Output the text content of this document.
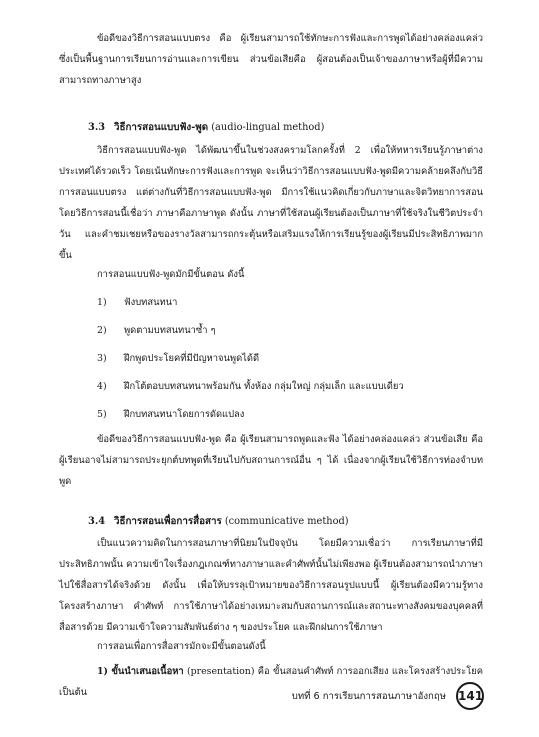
ข้อดีของวิธีการสอนแบบตรง คือ ผู้เรียนสามารถใช้ทักษะการฟังและการพูดได้อย่างคล่องแคล่ว ซึ่งเป็นพื้นฐานการเรียนการอ่านและการเขียน ส่วนข้อเสียคือ ผู้สอนต้องเป็นเจ้าของภาษาหรือผู้ที่มีความสามารถทางภาษาสูง

3.3 วิธีการสอนแบบฟัง-พูด (audio-lingual method)

วิธีการสอนแบบฟัง-พูด ได้พัฒนาขึ้นในช่วงสงครามโลกครั้งที่ 2 เพื่อให้ทหารเรียนรู้ภาษาต่างประเทศได้รวดเร็ว โดยเน้นทักษะการฟังและการพูด จะเห็นว่าวิธีการสอนแบบฟัง-พูดมีความคล้ายคลึงกับวิธีการสอนแบบตรง แต่ต่างกันที่วิธีการสอนแบบฟัง-พูด มีการใช้แนวคิดเกี่ยวกับภาษาและจิตวิทยาการสอน โดยวิธีการสอนนี้เชื่อว่า ภาษาคือภาษาพูด ดังนั้น ภาษาที่ใช้สอนผู้เรียนต้องเป็นภาษาที่ใช้จริงในชีวิตประจำวัน และคำชมเชยหรือของรางวัลสามารถกระตุ้นหรือเสริมแรงให้การเรียนรู้ของผู้เรียนมีประสิทธิภาพมากขึ้น

การสอนแบบฟัง-พูดมักมีขั้นตอน ดังนี้

1) ฟังบทสนทนา

2) พูดตามบทสนทนาซ้ำ ๆ

3) ฝึกพูดประโยคที่มีปัญหาจนพูดได้ดี

4) ฝึกโต้ตอบบทสนทนาพร้อมกัน ทั้งห้อง กลุ่มใหญ่ กลุ่มเล็ก และแบบเดี่ยว

5) ฝึกบทสนทนาโดยการดัดแปลง

ข้อดีของวิธีการสอนแบบฟัง-พูด คือ ผู้เรียนสามารถพูดและฟัง ได้อย่างคล่องแคล่ว ส่วนข้อเสีย คือ ผู้เรียนอาจไม่สามารถประยุกต์บทพูดที่เรียนไปกับสถานการณ์อื่น ๆ ได้ เนื่องจากผู้เรียนใช้วิธีการท่องจำบทพูด

3.4 วิธีการสอนเพื่อการสื่อสาร (communicative method)

เป็นแนวความคิดในการสอนภาษาที่นิยมในปัจจุบัน โดยมีความเชื่อว่า การเรียนภาษาที่มีประสิทธิภาพนั้น ความเข้าใจเรื่องกฎเกณฑ์ทางภาษาและคำศัพท์นั้นไม่เพียงพอ ผู้เรียนต้องสามารถนำภาษาไปใช้สื่อสารได้จริงด้วย ดังนั้น เพื่อให้บรรลุเป้าหมายของวิธีการสอนรูปแบบนี้ ผู้เรียนต้องมีความรู้ทางโครงสร้างภาษา คำศัพท์ การใช้ภาษาได้อย่างเหมาะสมกับสถานการณ์และสถานะทางสังคมของบุคคลที่สื่อสารด้วย มีความเข้าใจความสัมพันธ์ต่าง ๆ ของประโยค และฝึกฝนการใช้ภาษา

การสอนเพื่อการสื่อสารมักจะมีขั้นตอนดังนี้

1) ขั้นนำเสนอเนื้อหา (presentation) คือ ขั้นสอนคำศัพท์ การออกเสียง และโครงสร้างประโยค เป็นต้น	บทที่ 6 การเรียนการสอนภาษาอังกฤษ 141
